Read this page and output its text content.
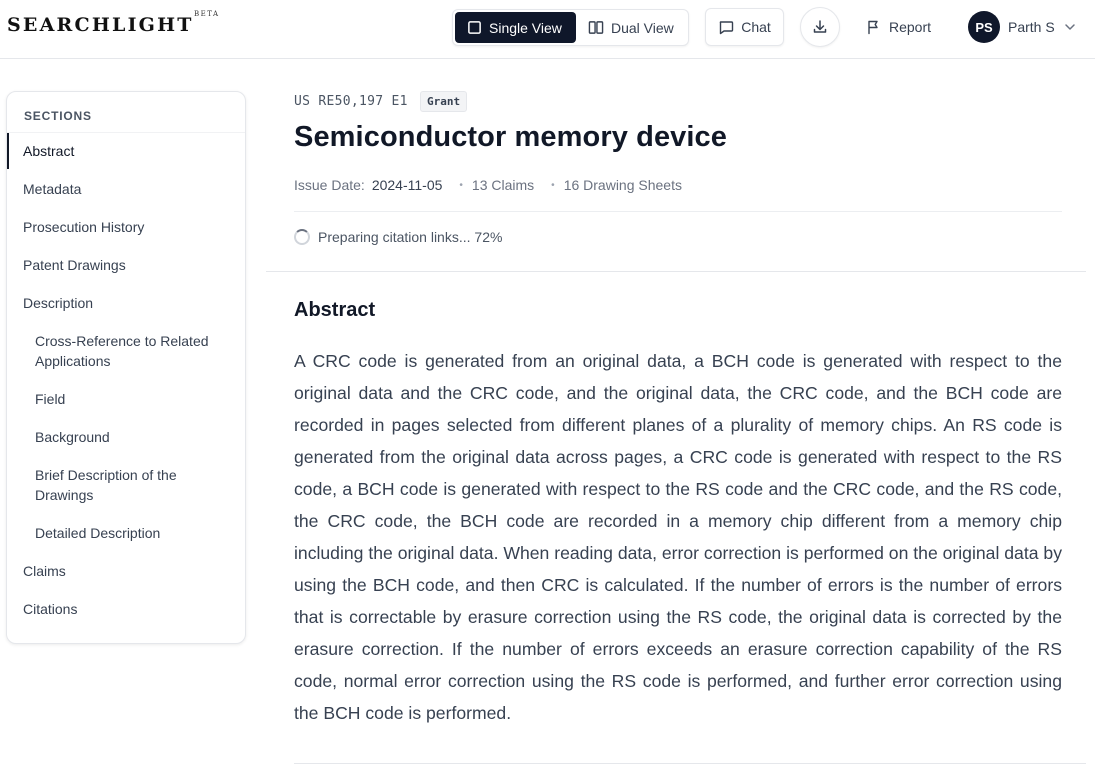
SEARCHLIGHT BETA
Single View	Dual View	Chat	Report	PS	Parth S
SECTIONS
Abstract
Metadata
Prosecution History
Patent Drawings
Description
Cross-Reference to Related Applications
Field
Background
Brief Description of the Drawings
Detailed Description
Claims
Citations
US RE50,197 E1	Grant
Semiconductor memory device
Issue Date: 2024-11-05 • 13 Claims • 16 Drawing Sheets
Preparing citation links... 72%
Abstract
A CRC code is generated from an original data, a BCH code is generated with respect to the original data and the CRC code, and the original data, the CRC code, and the BCH code are recorded in pages selected from different planes of a plurality of memory chips. An RS code is generated from the original data across pages, a CRC code is generated with respect to the RS code, a BCH code is generated with respect to the RS code and the CRC code, and the RS code, the CRC code, the BCH code are recorded in a memory chip different from a memory chip including the original data. When reading data, error correction is performed on the original data by using the BCH code, and then CRC is calculated. If the number of errors is the number of errors that is correctable by erasure correction using the RS code, the original data is corrected by the erasure correction. If the number of errors exceeds an erasure correction capability of the RS code, normal error correction using the RS code is performed, and further error correction using the BCH code is performed.
